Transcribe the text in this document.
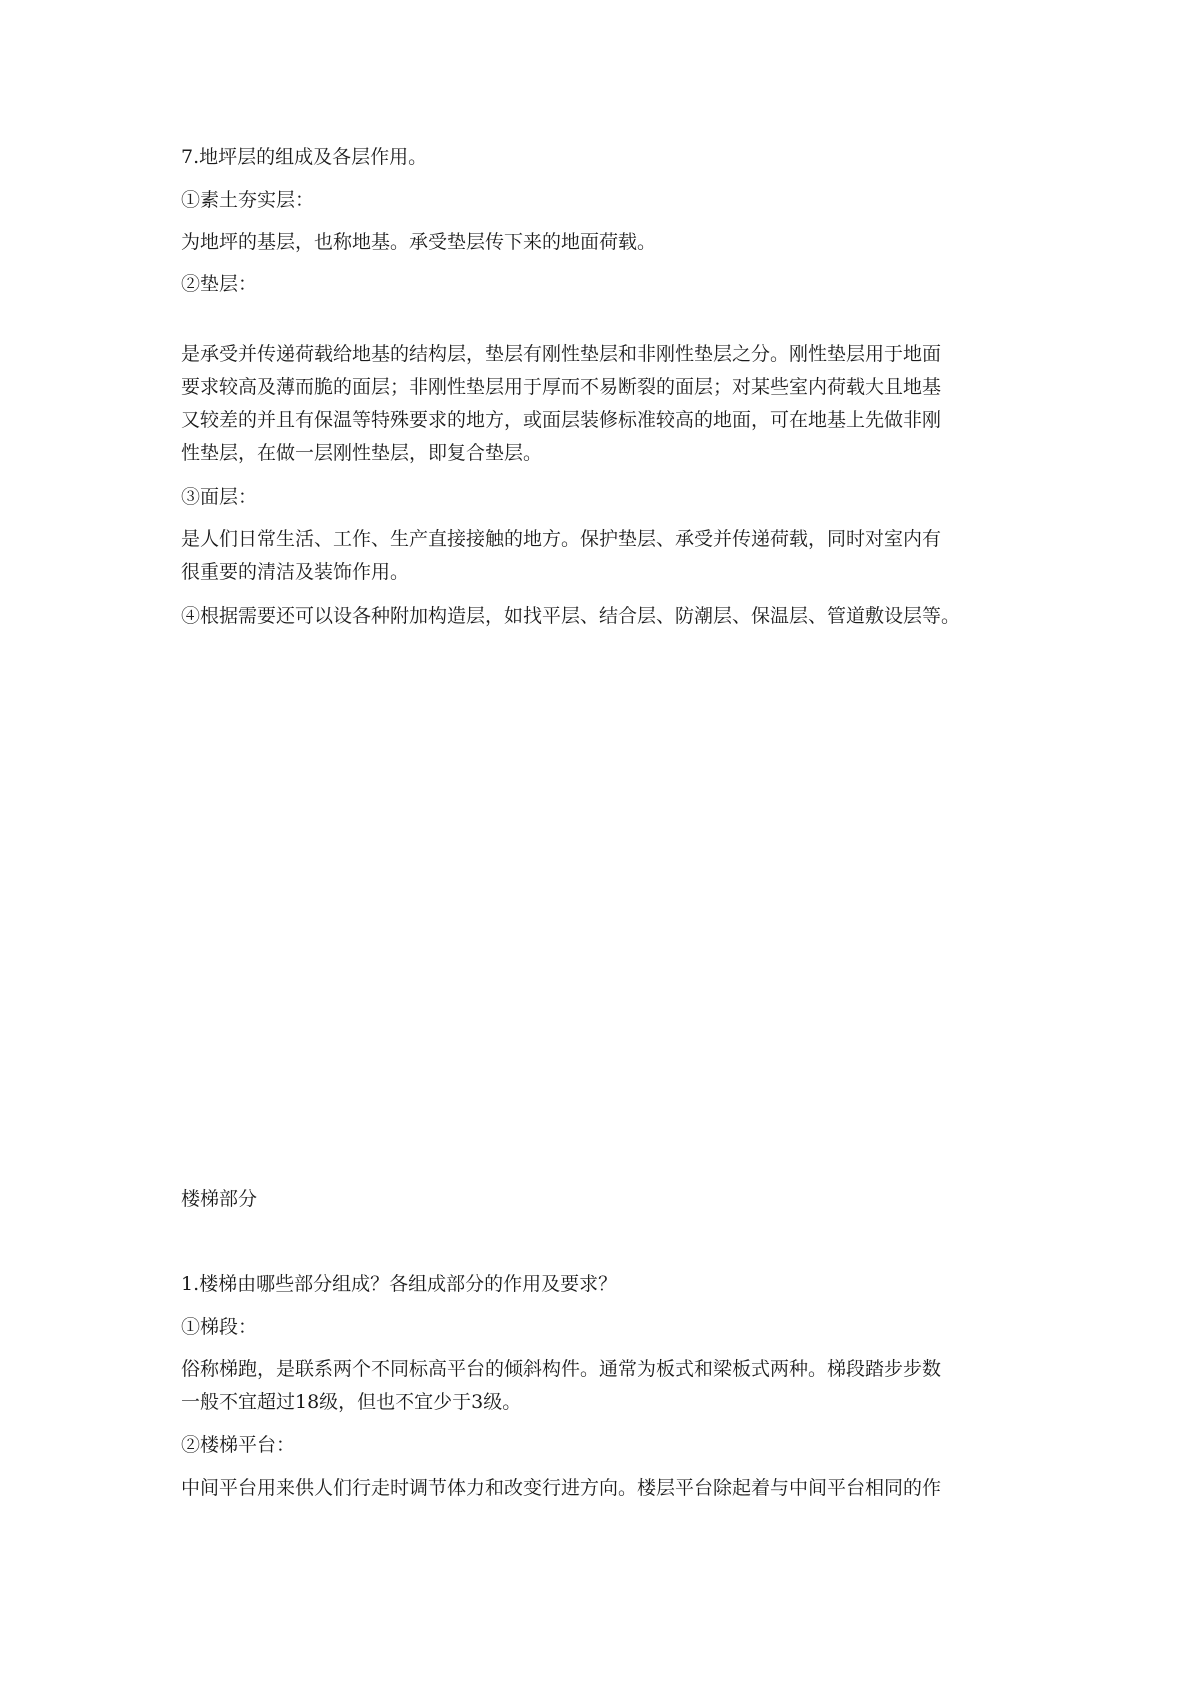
7.地坪层的组成及各层作用。
①素土夯实层：
为地坪的基层，也称地基。承受垫层传下来的地面荷载。
②垫层：
是承受并传递荷载给地基的结构层，垫层有刚性垫层和非刚性垫层之分。刚性垫层用于地面
要求较高及薄而脆的面层；非刚性垫层用于厚而不易断裂的面层；对某些室内荷载大且地基
又较差的并且有保温等特殊要求的地方，或面层装修标准较高的地面，可在地基上先做非刚
性垫层，在做一层刚性垫层，即复合垫层。
③面层：
是人们日常生活、工作、生产直接接触的地方。保护垫层、承受并传递荷载，同时对室内有
很重要的清洁及装饰作用。
④根据需要还可以设各种附加构造层，如找平层、结合层、防潮层、保温层、管道敷设层等。
楼梯部分
1.楼梯由哪些部分组成？各组成部分的作用及要求？
①梯段：
俗称梯跑，是联系两个不同标高平台的倾斜构件。通常为板式和梁板式两种。梯段踏步步数
一般不宜超过18级，但也不宜少于3级。
②楼梯平台：
中间平台用来供人们行走时调节体力和改变行进方向。楼层平台除起着与中间平台相同的作
